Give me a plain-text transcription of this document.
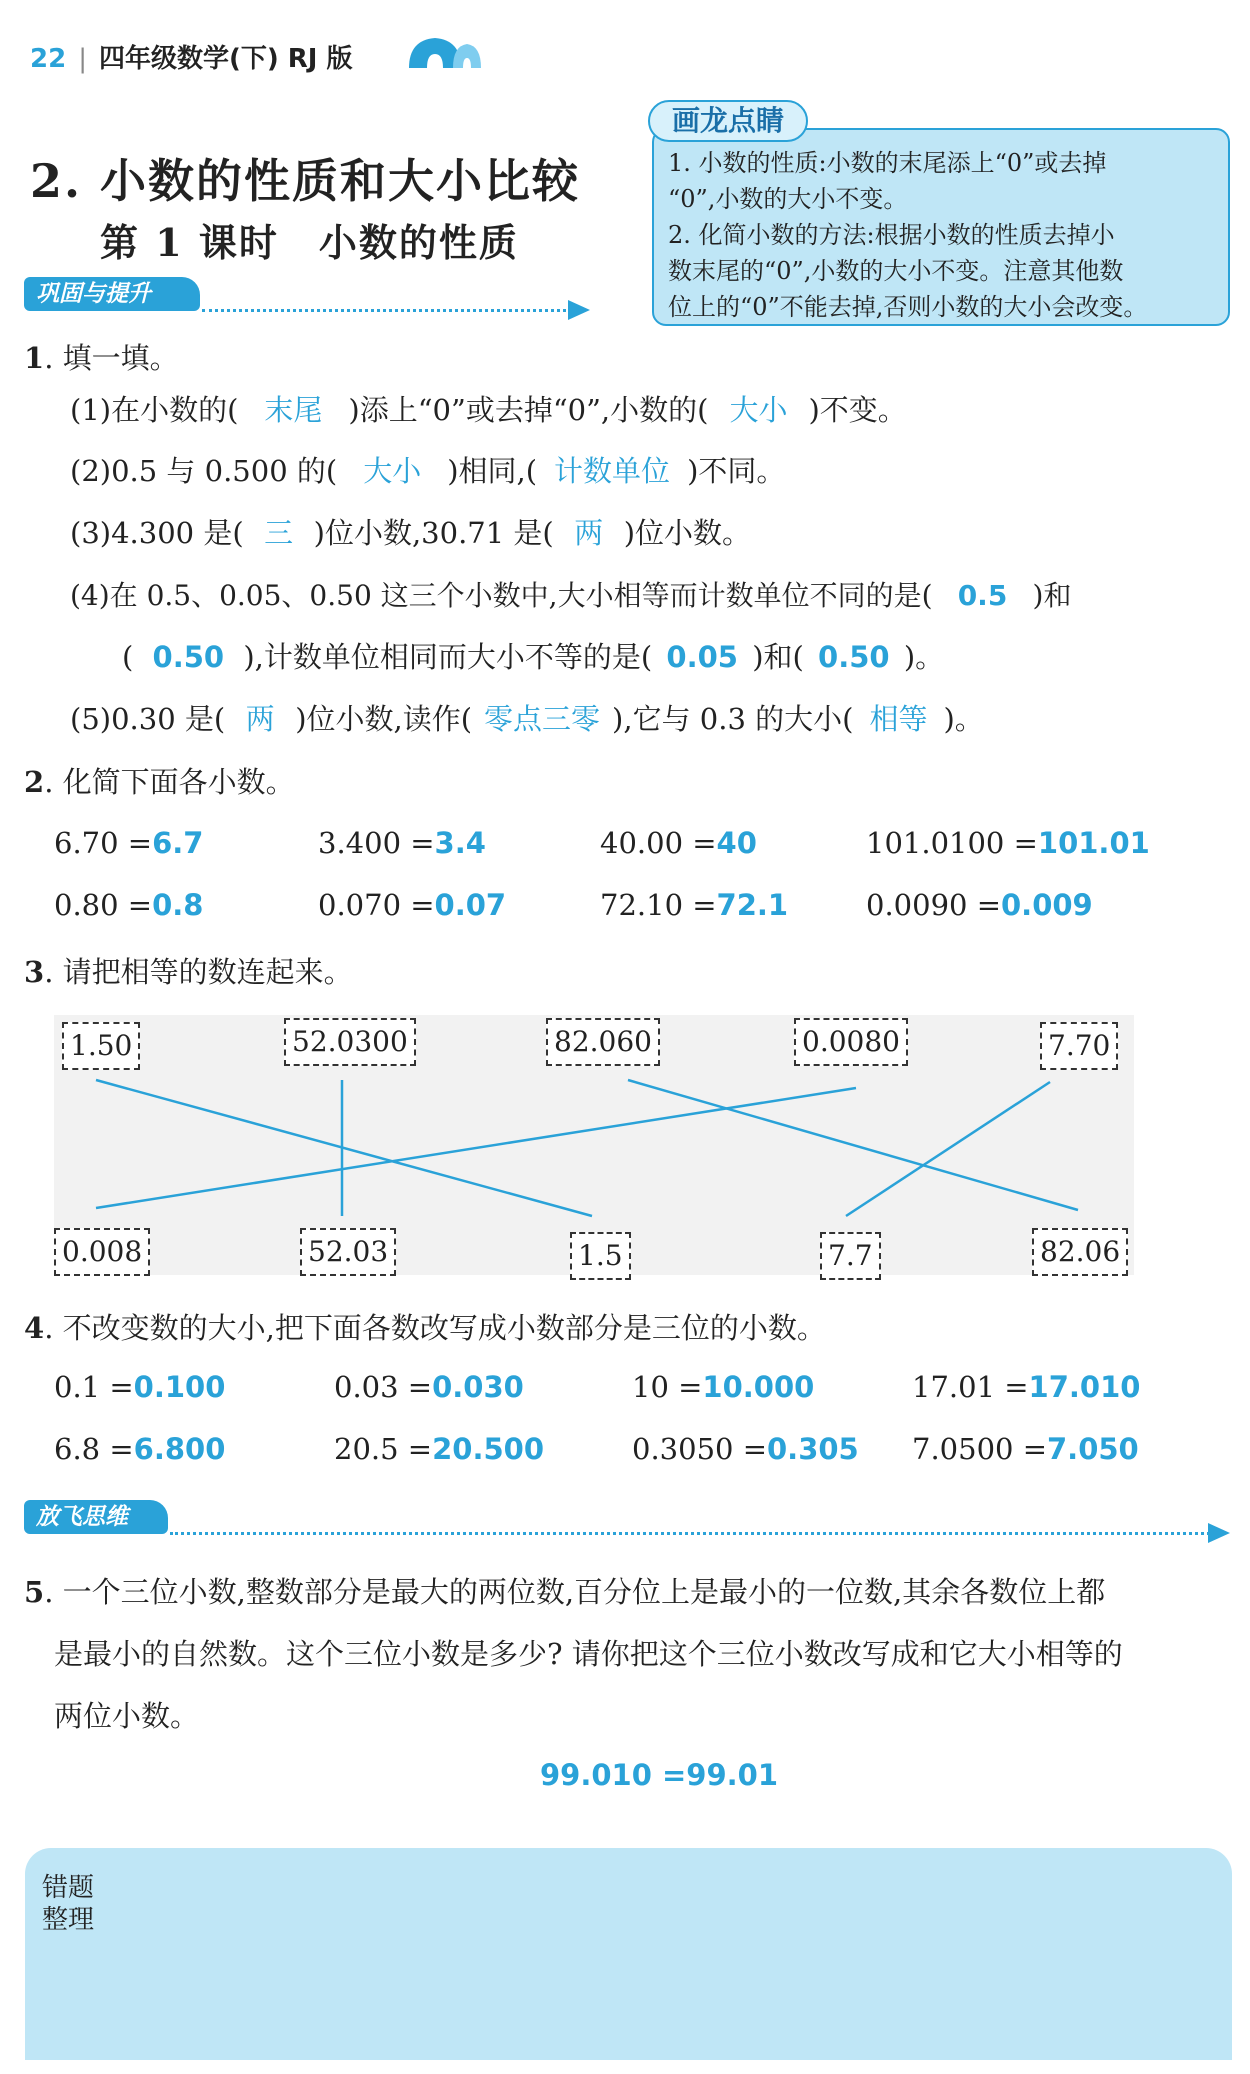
22 | 四年级数学(下) RJ 版
2. 小数的性质和大小比较
第 1 课时　小数的性质
画龙点睛
1. 小数的性质:小数的末尾添上“0”或去掉
“0”,小数的大小不变。
2. 化简小数的方法:根据小数的性质去掉小
数末尾的“0”,小数的大小不变。注意其他数
位上的“0”不能去掉,否则小数的大小会改变。
巩固与提升
1. 填一填。
(1)在小数的( 末尾 )添上“0”或去掉“0”,小数的( 大小 )不变。
(2)0.5 与 0.500 的( 大小 )相同,( 计数单位 )不同。
(3)4.300 是( 三 )位小数,30.71 是( 两 )位小数。
(4)在 0.5、0.05、0.50 这三个小数中,大小相等而计数单位不同的是( 0.5 )和
( 0.50 ),计数单位相同而大小不等的是( 0.05 )和( 0.50 )。
(5)0.30 是( 两 )位小数,读作( 零点三零 ),它与 0.3 的大小( 相等 )。
2. 化简下面各小数。
6.70 =6.7	3.400 =3.4	40.00 =40	101.0100 =101.01
0.80 =0.8	0.070 =0.07	72.10 =72.1	0.0090 =0.009
3. 请把相等的数连起来。
1.50	52.0300	82.060	0.0080	7.70
0.008	52.03	1.5	7.7	82.06
4. 不改变数的大小,把下面各数改写成小数部分是三位的小数。
0.1 =0.100	0.03 =0.030	10 =10.000	17.01 =17.010
6.8 =6.800	20.5 =20.500	0.3050 =0.305 7.0500 =7.050
放飞思维
5. 一个三位小数,整数部分是最大的两位数,百分位上是最小的一位数,其余各数位上都
是最小的自然数。这个三位小数是多少? 请你把这个三位小数改写成和它大小相等的
两位小数。
99.010 =99.01
错题
整理
